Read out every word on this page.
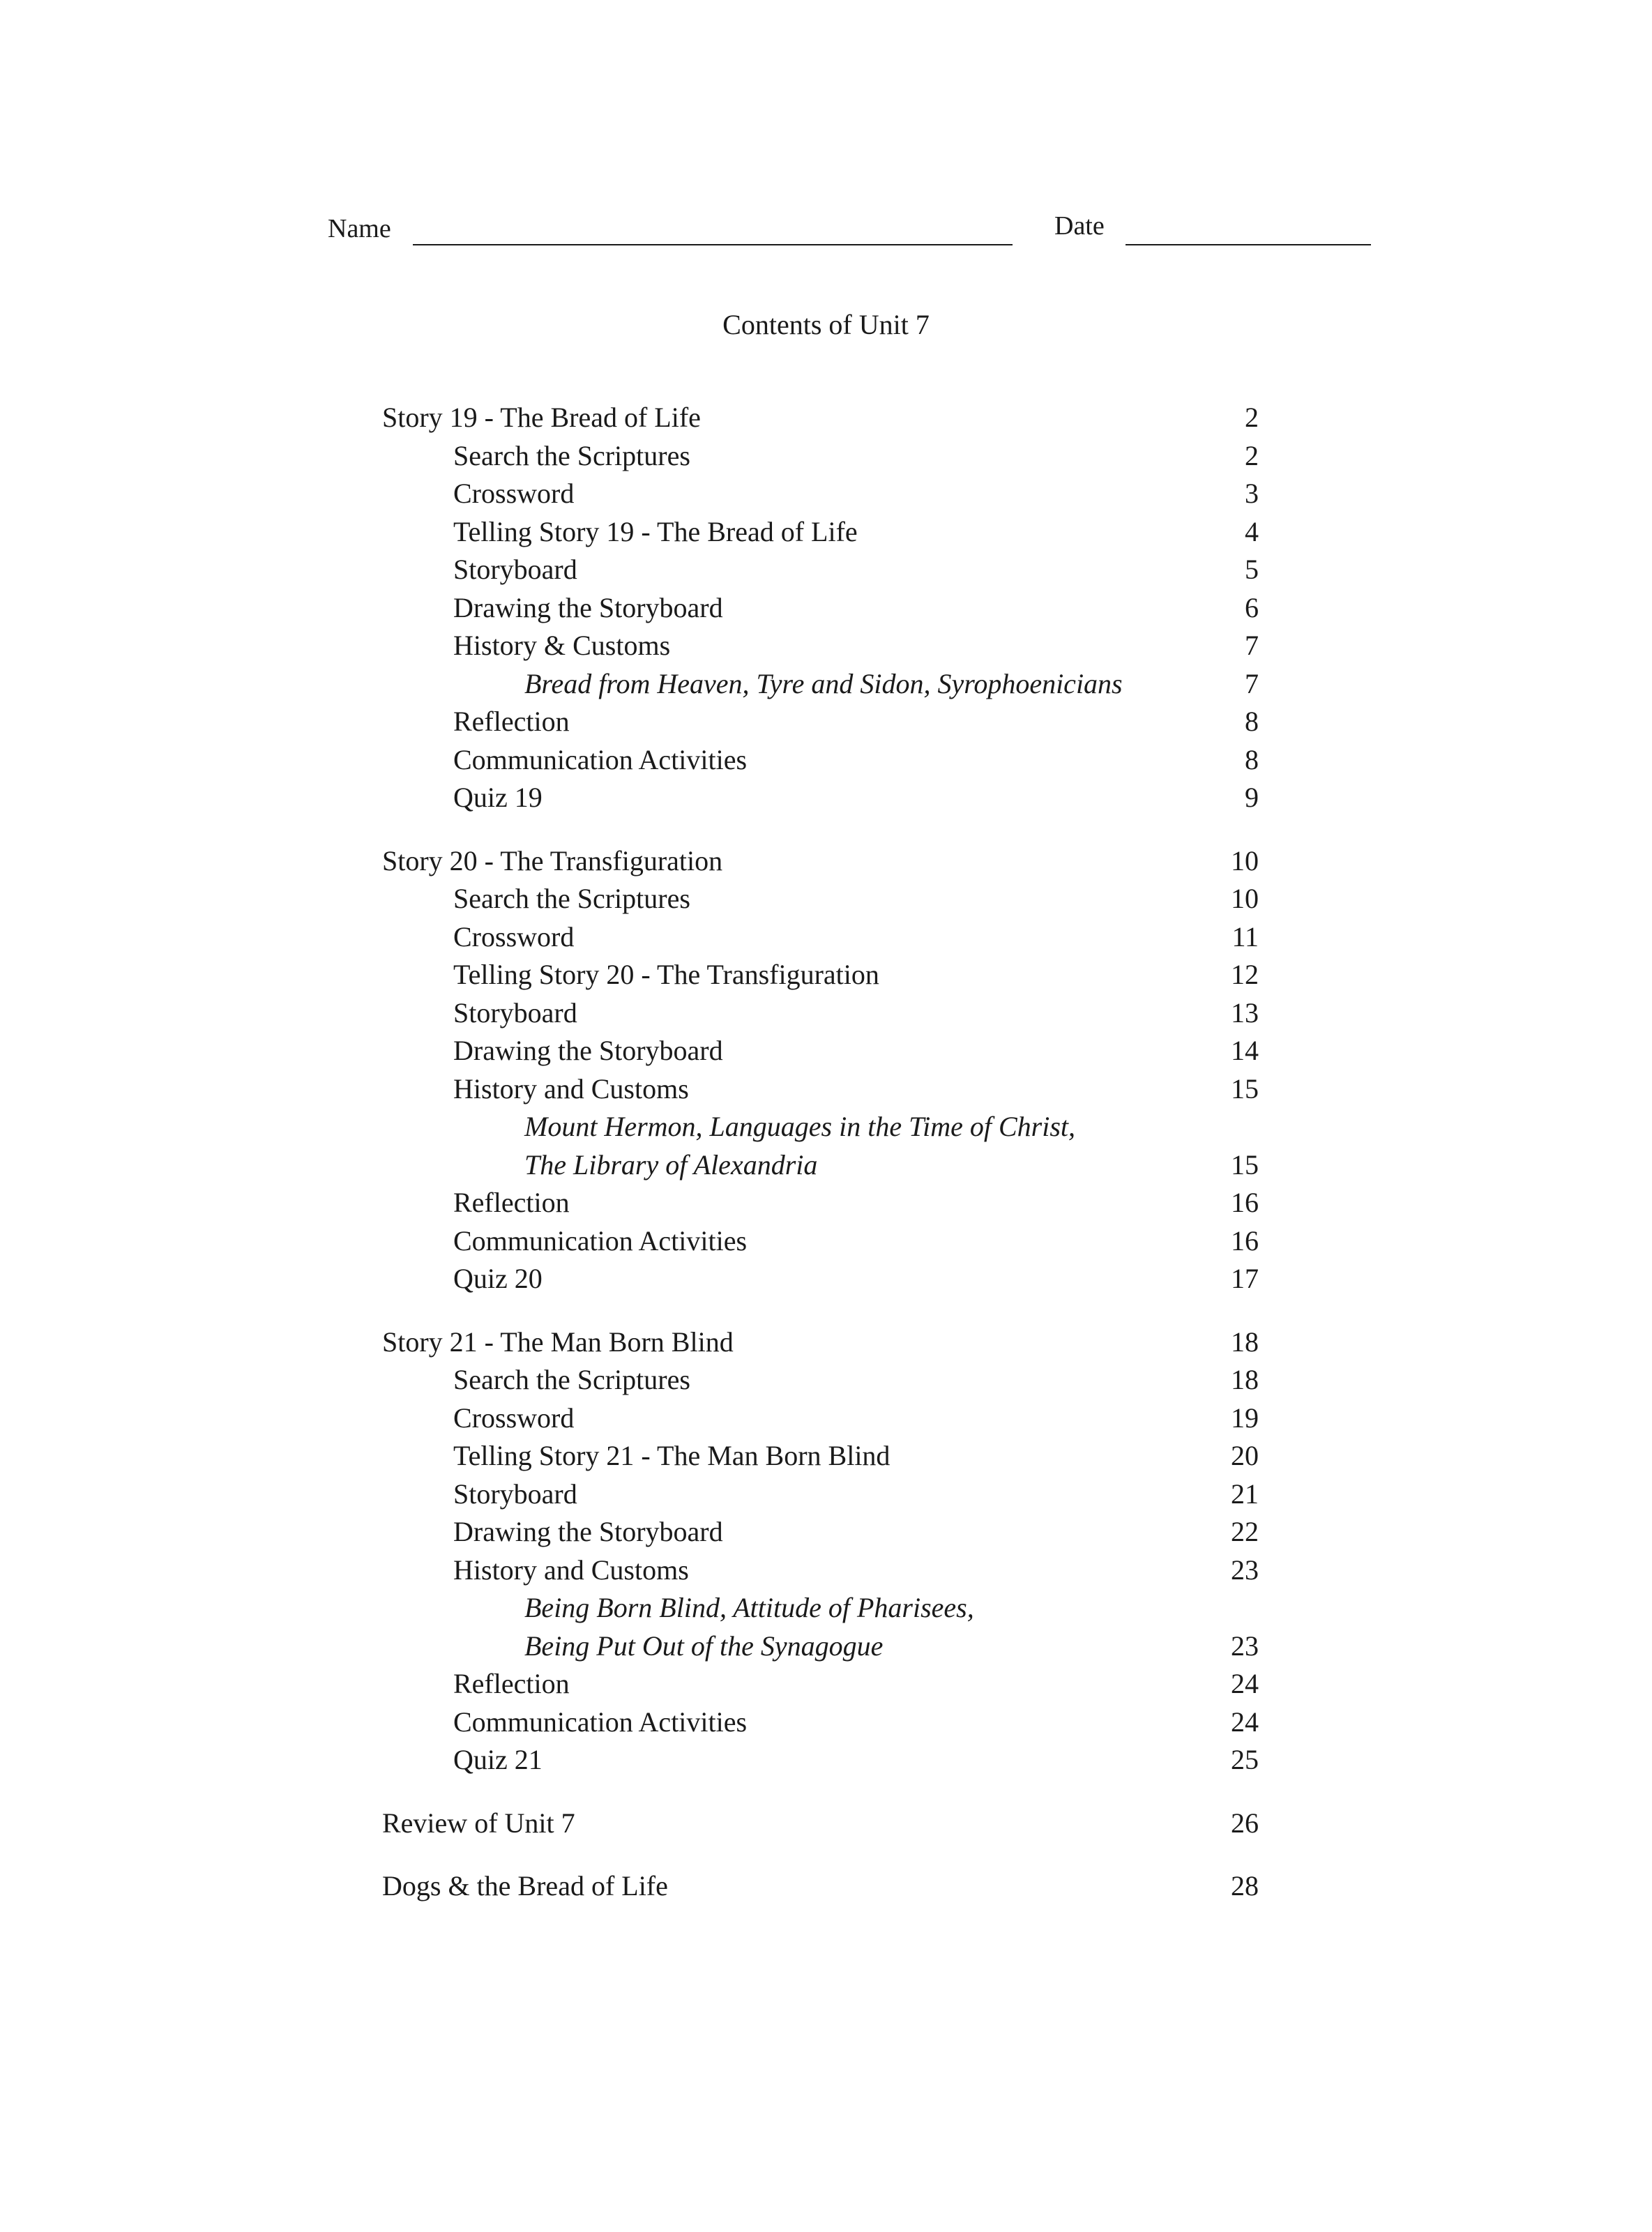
Name	Date
Contents of Unit 7
Story 19 - The Bread of Life	2
Search the Scriptures	2
Crossword	3
Telling Story 19 - The Bread of Life	4
Storyboard	5
Drawing the Storyboard	6
History & Customs	7
Bread from Heaven, Tyre and Sidon, Syrophoenicians	7
Reflection	8
Communication Activities	8
Quiz 19	9
Story 20 - The Transfiguration	10
Search the Scriptures	10
Crossword	11
Telling Story 20 - The Transfiguration	12
Storyboard	13
Drawing the Storyboard	14
History and Customs	15
Mount Hermon, Languages in the Time of Christ,
The Library of Alexandria	15
Reflection	16
Communication Activities	16
Quiz 20	17
Story 21 - The Man Born Blind	18
Search the Scriptures	18
Crossword	19
Telling Story 21 - The Man Born Blind	20
Storyboard	21
Drawing the Storyboard	22
History and Customs	23
Being Born Blind, Attitude of Pharisees,
Being Put Out of the Synagogue	23
Reflection	24
Communication Activities	24
Quiz 21	25
Review of Unit 7	26
Dogs & the Bread of Life	28
